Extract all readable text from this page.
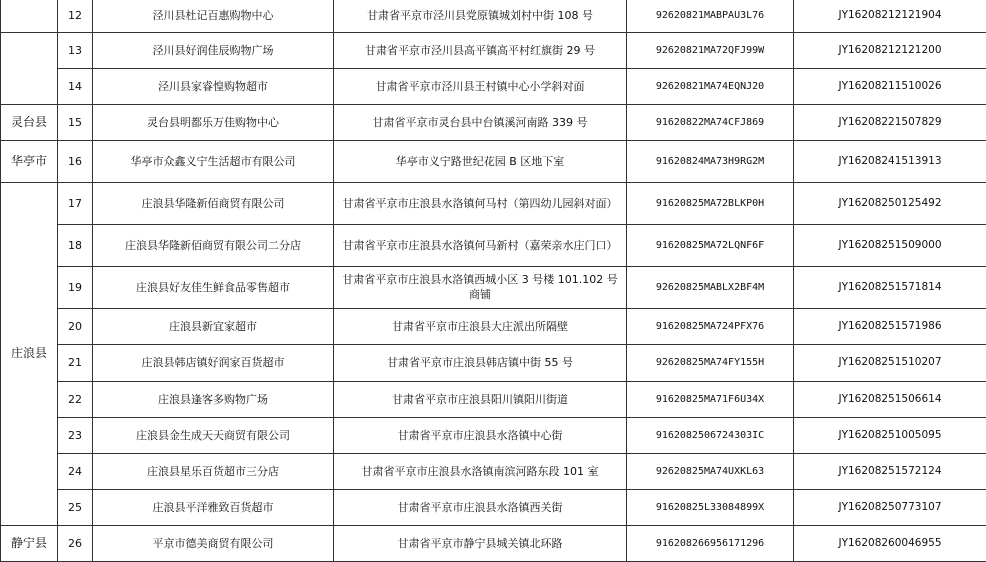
	12	泾川县杜记百惠购物中心	甘肃省平京市泾川县党原镇城刘村中街 108 号	92620821MABPAU3L76	JY16208212121904
	13	泾川县好润佳辰购物广场	甘肃省平京市泾川县高平镇高平村红旗街 29 号	92620821MA72QFJ99W	JY16208212121200
	14	泾川县家睿惶购物超市	甘肃省平京市泾川县王村镇中心小学斜对面	92620821MA74EQNJ20	JY16208211510026
灵台县	15	灵台县明都乐万佳购物中心	甘肃省平京市灵台县中台镇溪河南路 339 号	91620822MA74CFJ869	JY16208221507829
华亭市	16	华亭市众鑫义宁生活超市有限公司	华亭市义宁路世纪花园 B 区地下室	91620824MA73H9RG2M	JY16208241513913
庄浪县	17	庄浪县华隆新佰商贸有限公司	甘肃省平京市庄浪县水洛镇何马村（第四幼儿园斜对面）	91620825MA72BLKP0H	JY16208250125492
	18	庄浪县华隆新佰商贸有限公司二分店	甘肃省平京市庄浪县水洛镇何马新村（嘉荣亲水庄门口）	91620825MA72LQNF6F	JY16208251509000
	19	庄浪县好友佳生鲜食品零售超市	甘肃省平京市庄浪县水洛镇西城小区 3 号楼 101.102 号商铺	92620825MABLX2BF4M	JY16208251571814
	20	庄浪县新宜家超市	甘肃省平京市庄浪县大庄派出所隔壁	91620825MA724PFX76	JY16208251571986
	21	庄浪县韩店镇好润家百货超市	甘肃省平京市庄浪县韩店镇中街 55 号	92620825MA74FY155H	JY16208251510207
	22	庄浪县逢客多购物广场	甘肃省平京市庄浪县阳川镇阳川街道	91620825MA71F6U34X	JY16208251506614
	23	庄浪县金生成天天商贸有限公司	甘肃省平京市庄浪县水洛镇中心街	9162082506724303IC	JY16208251005095
	24	庄浪县星乐百货超市三分店	甘肃省平京市庄浪县水洛镇南滨河路东段 101 室	92620825MA74UXKL63	JY16208251572124
	25	庄浪县平洋雅致百货超市	甘肃省平京市庄浪县水洛镇西关街	91620825L33084899X	JY16208250773107
静宁县	26	平京市德美商贸有限公司	甘肃省平京市静宁县城关镇北环路	916208266956171296	JY16208260046955
